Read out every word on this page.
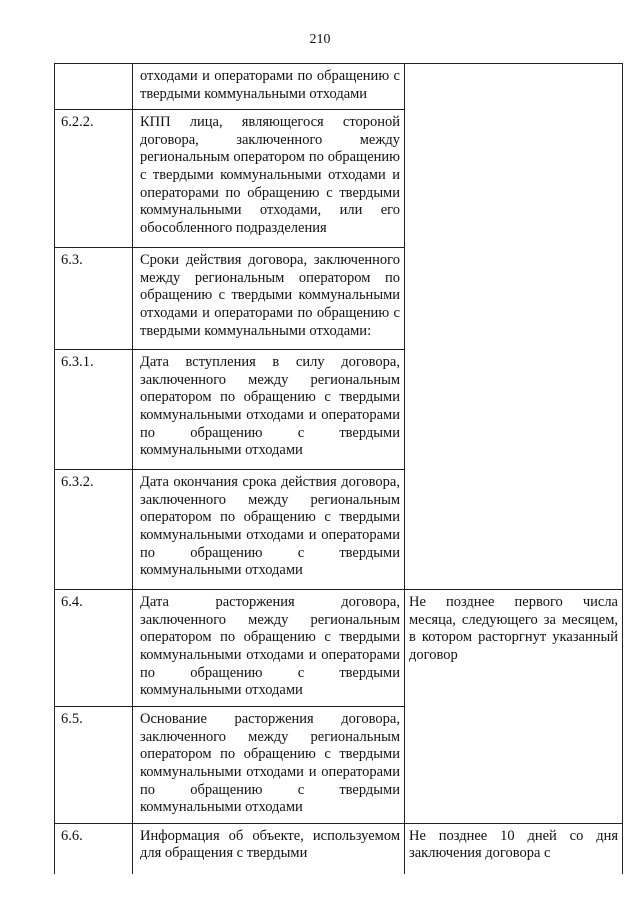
210
	отходами и операторами по обращению с твердыми коммунальными отходами	
6.2.2.	КПП лица, являющегося стороной договора, заключенного между региональным оператором по обращению с твердыми коммунальными отходами и операторами по обращению с твердыми коммунальными отходами, или его обособленного подразделения	
6.3.	Сроки действия договора, заключенного между региональным оператором по обращению с твердыми коммунальными отходами и операторами по обращению с твердыми коммунальными отходами:	
6.3.1.	Дата вступления в силу договора, заключенного между региональным оператором по обращению с твердыми коммунальными отходами и операторами по обращению с твердыми коммунальными отходами	
6.3.2.	Дата окончания срока действия договора, заключенного между региональным оператором по обращению с твердыми коммунальными отходами и операторами по обращению с твердыми коммунальными отходами	
6.4.	Дата расторжения договора, заключенного между региональным оператором по обращению с твердыми коммунальными отходами и операторами по обращению с твердыми коммунальными отходами	Не позднее первого числа месяца, следующего за месяцем, в котором расторгнут указанный договор
6.5.	Основание расторжения договора, заключенного между региональным оператором по обращению с твердыми коммунальными отходами и операторами по обращению с твердыми коммунальными отходами	

6.6.	Информация об объекте, используемом для обращения с твердыми	Не позднее 10 дней со дня заключения договора с
